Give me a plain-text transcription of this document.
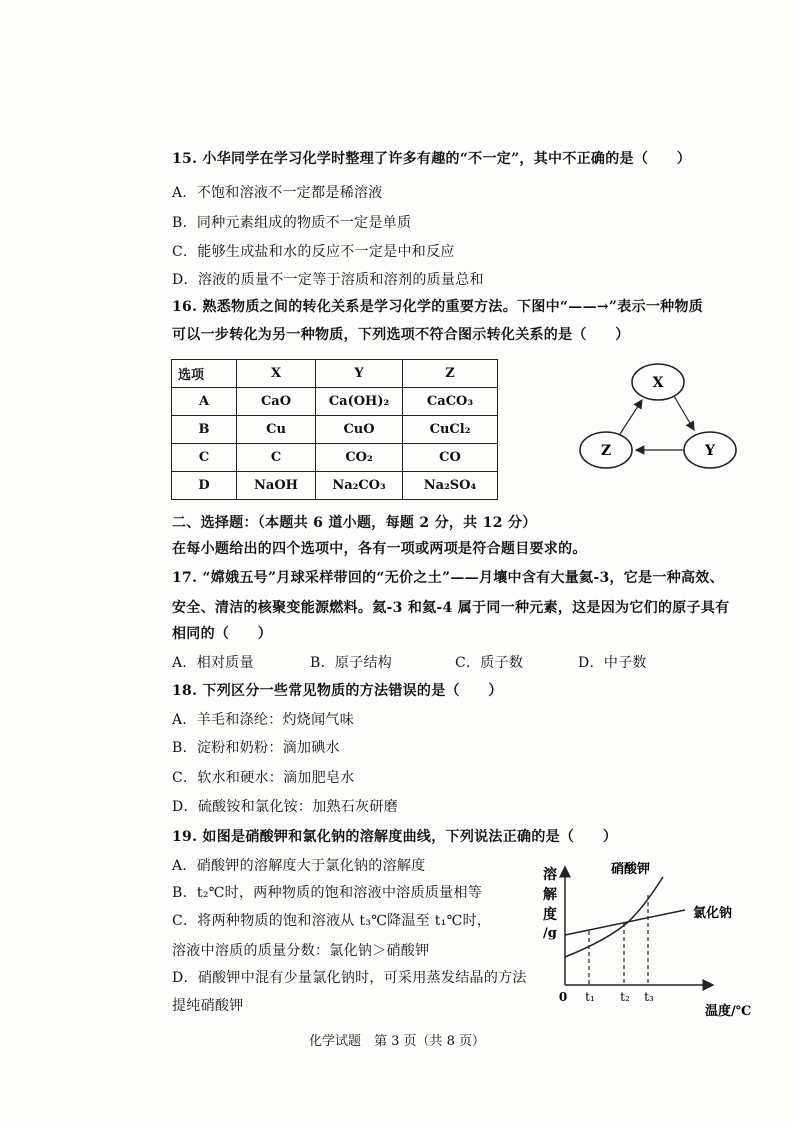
15. 小华同学在学习化学时整理了许多有趣的“不一定”，其中不正确的是（　　）
A．不饱和溶液不一定都是稀溶液
B．同种元素组成的物质不一定是单质
C．能够生成盐和水的反应不一定是中和反应
D．溶液的质量不一定等于溶质和溶剂的质量总和
16. 熟悉物质之间的转化关系是学习化学的重要方法。下图中“——→”表示一种物质
可以一步转化为另一种物质，下列选项不符合图示转化关系的是（　　）
选项	X	Y	Z
A	CaO	Ca(OH)₂	CaCO₃
B	Cu	CuO	CuCl₂
C	C	CO₂	CO
D	NaOH	Na₂CO₃	Na₂SO₄
X
Z	Y
二、选择题：（本题共 6 道小题，每题 2 分，共 12 分）
在每小题给出的四个选项中，各有一项或两项是符合题目要求的。
17. “嫦娥五号”月球采样带回的“无价之土”——月壤中含有大量氦-3，它是一种高效、
安全、清洁的核聚变能源燃料。氦-3 和氦-4 属于同一种元素，这是因为它们的原子具有
相同的（　　）
A．相对质量	B．原子结构	C．质子数	D．中子数
18. 下列区分一些常见物质的方法错误的是（　　）
A．羊毛和涤纶：灼烧闻气味
B．淀粉和奶粉：滴加碘水
C．软水和硬水：滴加肥皂水
D．硫酸铵和氯化铵：加熟石灰研磨
19. 如图是硝酸钾和氯化钠的溶解度曲线，下列说法正确的是（　　）
A．硝酸钾的溶解度大于氯化钠的溶解度
B．t₂℃时，两种物质的饱和溶液中溶质质量相等
C．将两种物质的饱和溶液从 t₃℃降温至 t₁℃时，
溶液中溶质的质量分数：氯化钠＞硝酸钾
D．硝酸钾中混有少量氯化钠时，可采用蒸发结晶的方法
提纯硝酸钾
溶
解
度
/g
0 t₁ t₂ t₃
硝酸钾
氯化钠
温度/℃
化学试题　第 3 页（共 8 页）
